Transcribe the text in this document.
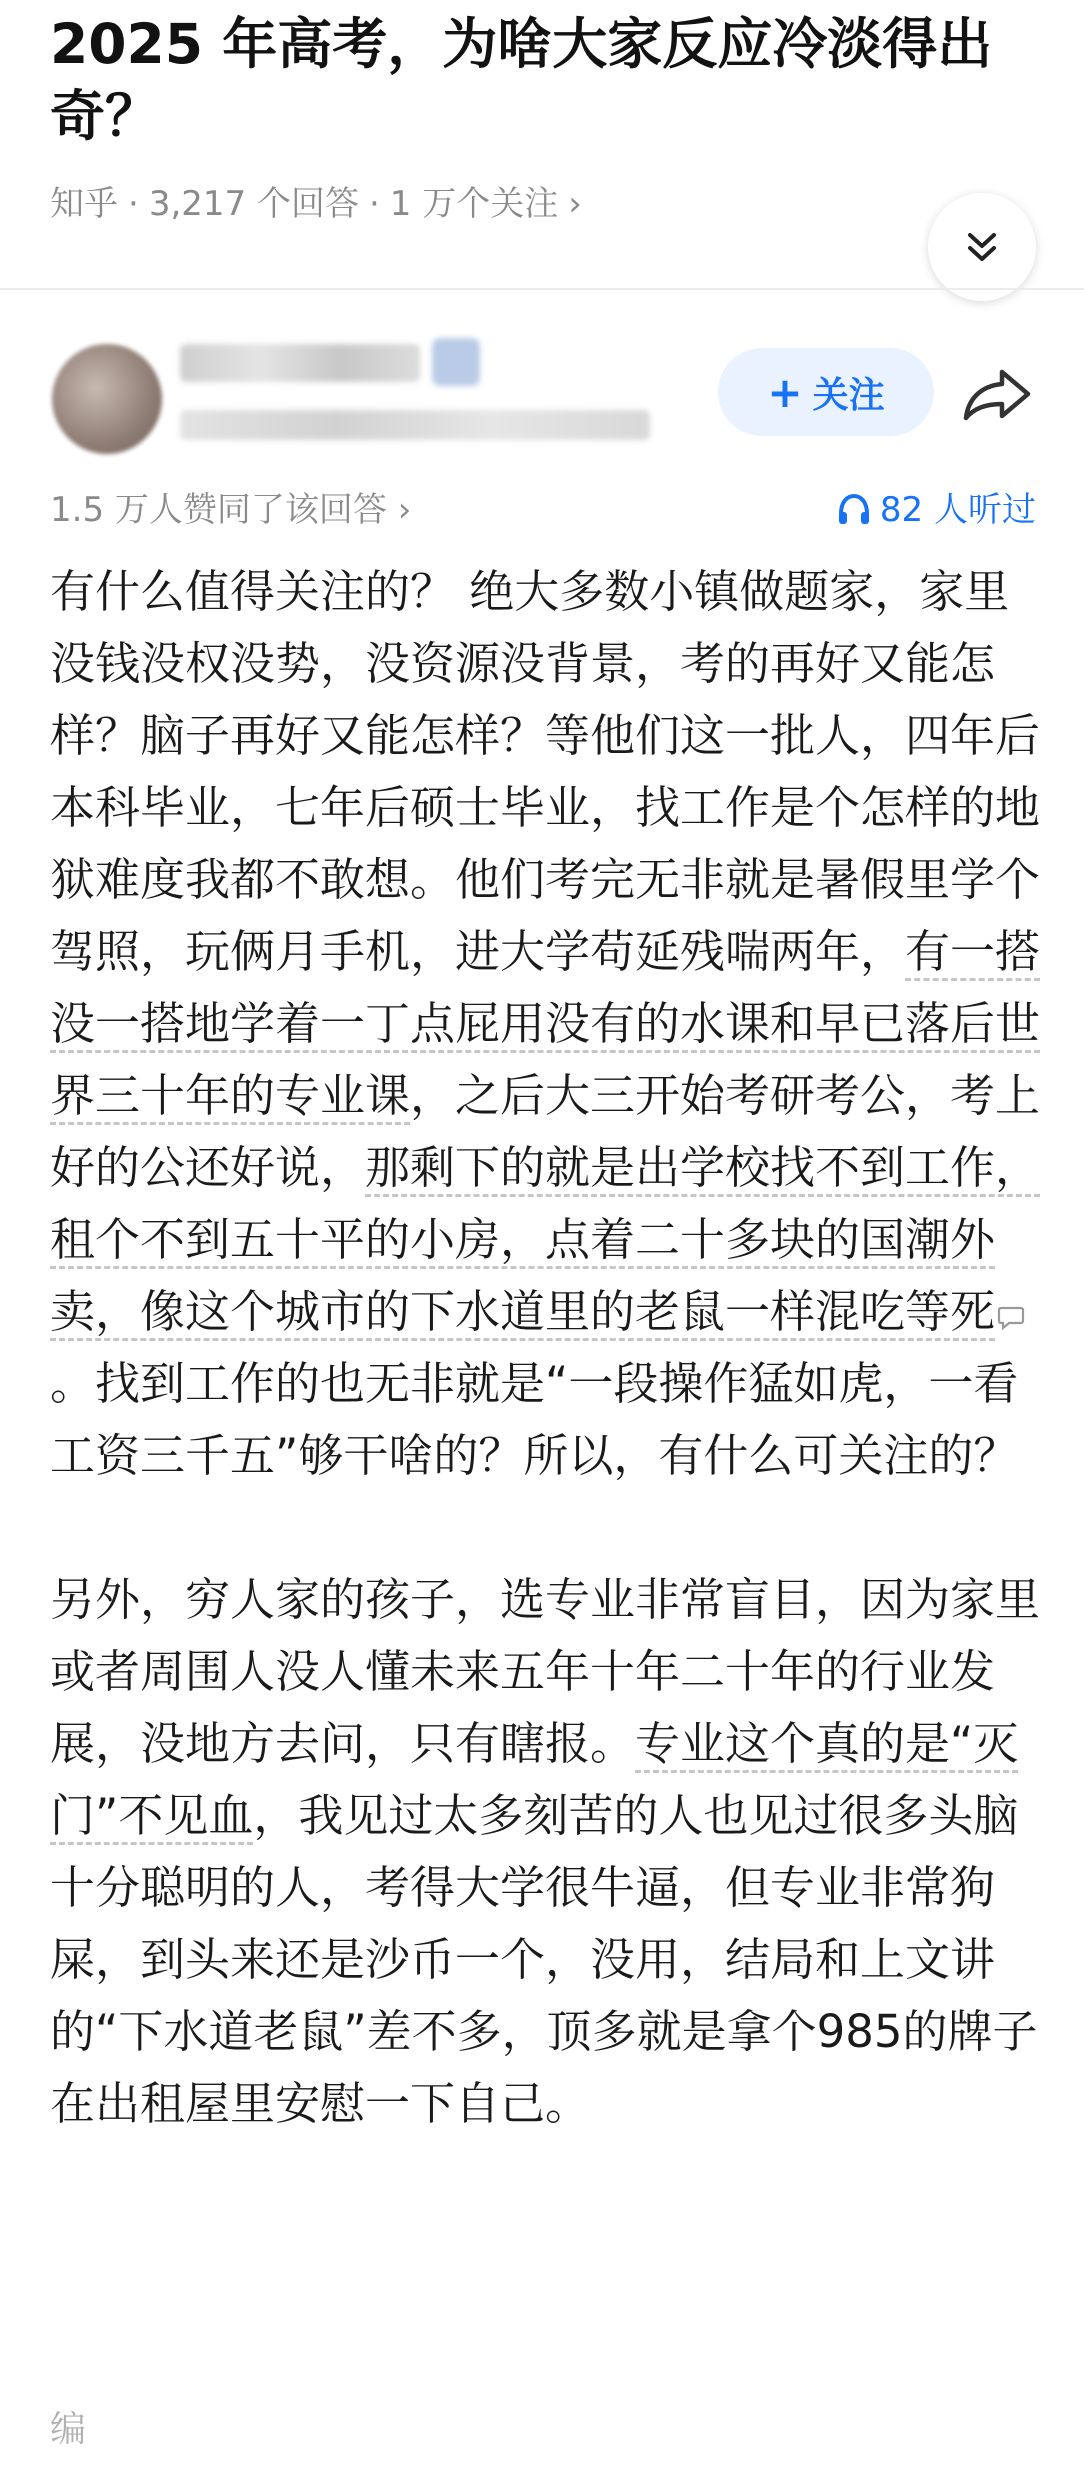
2025 年高考，为啥大家反应冷淡得出奇？
知乎 · 3,217 个回答 · 1 万个关注 ›
+ 关注
1.5 万人赞同了该回答 ›	82 人听过

有什么值得关注的？ 绝大多数小镇做题家，家里没钱没权没势，没资源没背景，考的再好又能怎样？脑子再好又能怎样？等他们这一批人，四年后本科毕业，七年后硕士毕业，找工作是个怎样的地狱难度我都不敢想。他们考完无非就是暑假里学个驾照，玩俩月手机，进大学苟延残喘两年，有一搭没一搭地学着一丁点屁用没有的水课和早已落后世界三十年的专业课，之后大三开始考研考公，考上好的公还好说，那剩下的就是出学校找不到工作，租个不到五十平的小房，点着二十多块的国潮外卖，像这个城市的下水道里的老鼠一样混吃等死。找到工作的也无非就是“一段操作猛如虎，一看工资三千五”够干啥的？所以，有什么可关注的？

另外，穷人家的孩子，选专业非常盲目，因为家里或者周围人没人懂未来五年十年二十年的行业发展，没地方去问，只有瞎报。专业这个真的是“灭门”不见血，我见过太多刻苦的人也见过很多头脑十分聪明的人，考得大学很牛逼，但专业非常狗屎，到头来还是沙币一个，没用，结局和上文讲的“下水道老鼠”差不多，顶多就是拿个985的牌子在出租屋里安慰一下自己。

编
